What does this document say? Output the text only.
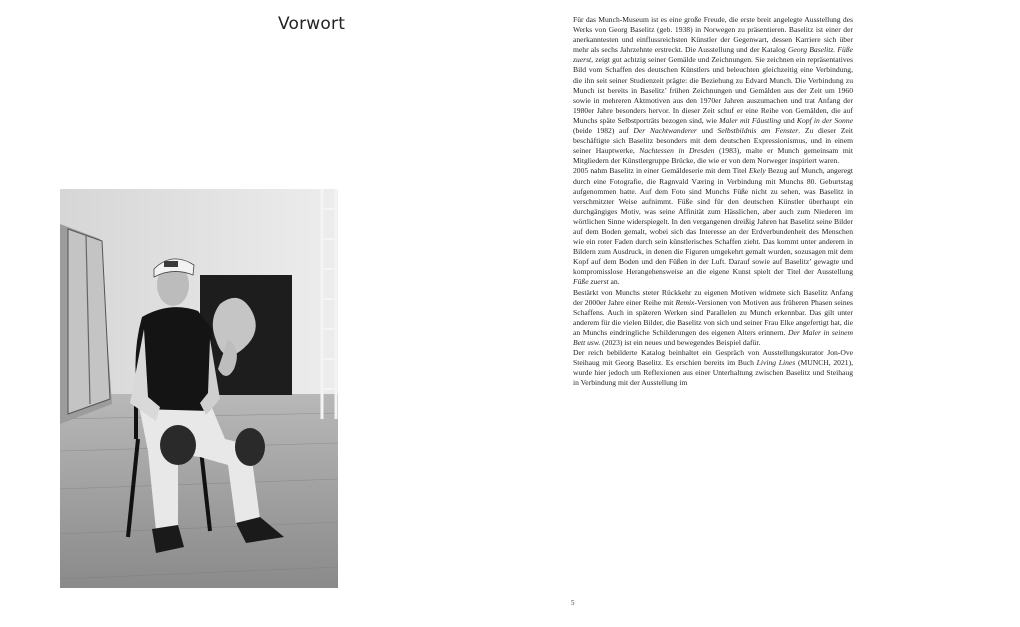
Vorwort	Für das Munch-Museum ist es eine große Freude, die erste breit angelegte Ausstellung des Werks von Georg Baselitz (geb. 1938) in Norwegen zu präsentieren. Baselitz ist einer der anerkanntesten und einflussreichsten Künstler der Gegenwart, dessen Karriere sich über mehr als sechs Jahrzehnte erstreckt. Die Ausstellung und der Katalog Georg Baselitz. Füße zuerst, zeigt gut achtzig seiner Gemälde und Zeichnungen. Sie zeichnen ein repräsentatives Bild vom Schaffen des deutschen Künstlers und beleuchten gleichzeitig eine Verbindung, die ihn seit seiner Studienzeit prägte: die Beziehung zu Edvard Munch. Die Verbindung zu Munch ist bereits in Baselitz’ frühen Zeichnungen und Gemälden aus der Zeit um 1960 sowie in mehreren Aktmotiven aus den 1970er Jahren auszumachen und trat Anfang der 1980er Jahre besonders hervor. In dieser Zeit schuf er eine Reihe von Gemälden, die auf Munchs späte Selbstporträts bezogen sind, wie Maler mit Fäustling und Kopf in der Sonne (beide 1982) auf Der Nachtwanderer und Selbstbildnis am Fenster. Zu dieser Zeit beschäftigte sich Baselitz besonders mit dem deutschen Expressionismus, und in einem seiner Hauptwerke, Nachtessen in Dresden (1983), malte er Munch gemeinsam mit Mitgliedern der Künstlergruppe Brücke, die wie er von dem Norweger inspiriert waren.

2005 nahm Baselitz in einer Gemäldeserie mit dem Titel Ekely Bezug auf Munch, angeregt durch eine Fotografie, die Ragnvald Væring in Verbindung mit Munchs 80. Geburtstag aufgenommen hatte. Auf dem Foto sind Munchs Füße nicht zu sehen, was Baselitz in verschmitzter Weise aufnimmt. Füße sind für den deutschen Künstler überhaupt ein durchgängiges Motiv, was seine Affinität zum Hässlichen, aber auch zum Niederen im wörtlichen Sinne widerspiegelt. In den vergangenen dreißig Jahren hat Baselitz seine Bilder auf dem Boden gemalt, wobei sich das Interesse an der Erdverbundenheit des Menschen wie ein roter Faden durch sein künstlerisches Schaffen zieht. Das kommt unter anderem in Bildern zum Ausdruck, in denen die Figuren umgekehrt gemalt wurden, sozusagen mit dem Kopf auf dem Boden und den Füßen in der Luft. Darauf sowie auf Baselitz’ gewagte und kompromisslose Herangehensweise an die eigene Kunst spielt der Titel der Ausstellung Füße zuerst an.

Bestärkt von Munchs steter Rückkehr zu eigenen Motiven widmete sich Baselitz Anfang der 2000er Jahre einer Reihe mit Remix-Versionen von Motiven aus früheren Phasen seines Schaffens. Auch in späteren Werken sind Parallelen zu Munch erkennbar. Das gilt unter anderem für die vielen Bilder, die Baselitz von sich und seiner Frau Elke angefertigt hat, die an Munchs eindringliche Schilderungen des eigenen Alters erinnern. Der Maler in seinem Bett usw. (2023) ist ein neues und bewegendes Beispiel dafür.

Der reich bebilderte Katalog beinhaltet ein Gespräch von Ausstellungskurator Jon-Ove Steihaug mit Georg Baselitz. Es erschien bereits im Buch Living Lines (MUNCH, 2021), wurde hier jedoch um Reflexionen aus einer Unterhaltung zwischen Baselitz und Steihaug in Verbindung mit der Ausstellung im

5
